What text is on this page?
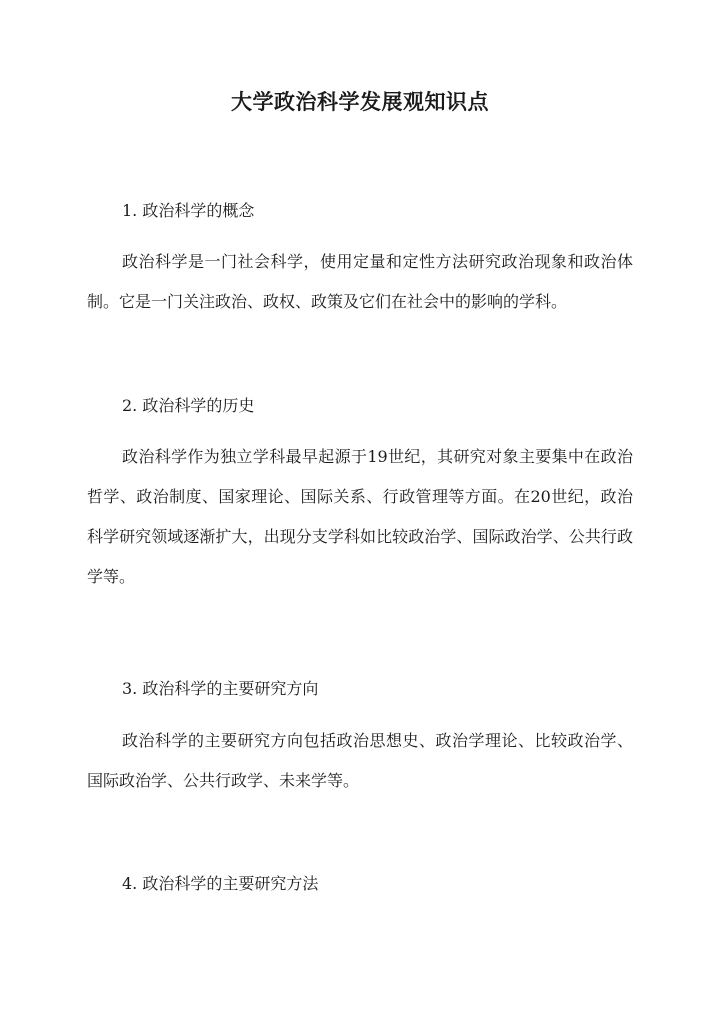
大学政治科学发展观知识点

1. 政治科学的概念

政治科学是一门社会科学，使用定量和定性方法研究政治现象和政治体制。它是一门关注政治、政权、政策及它们在社会中的影响的学科。

2. 政治科学的历史

政治科学作为独立学科最早起源于19世纪，其研究对象主要集中在政治哲学、政治制度、国家理论、国际关系、行政管理等方面。在20世纪，政治科学研究领域逐渐扩大，出现分支学科如比较政治学、国际政治学、公共行政学等。

3. 政治科学的主要研究方向

政治科学的主要研究方向包括政治思想史、政治学理论、比较政治学、国际政治学、公共行政学、未来学等。

4. 政治科学的主要研究方法
